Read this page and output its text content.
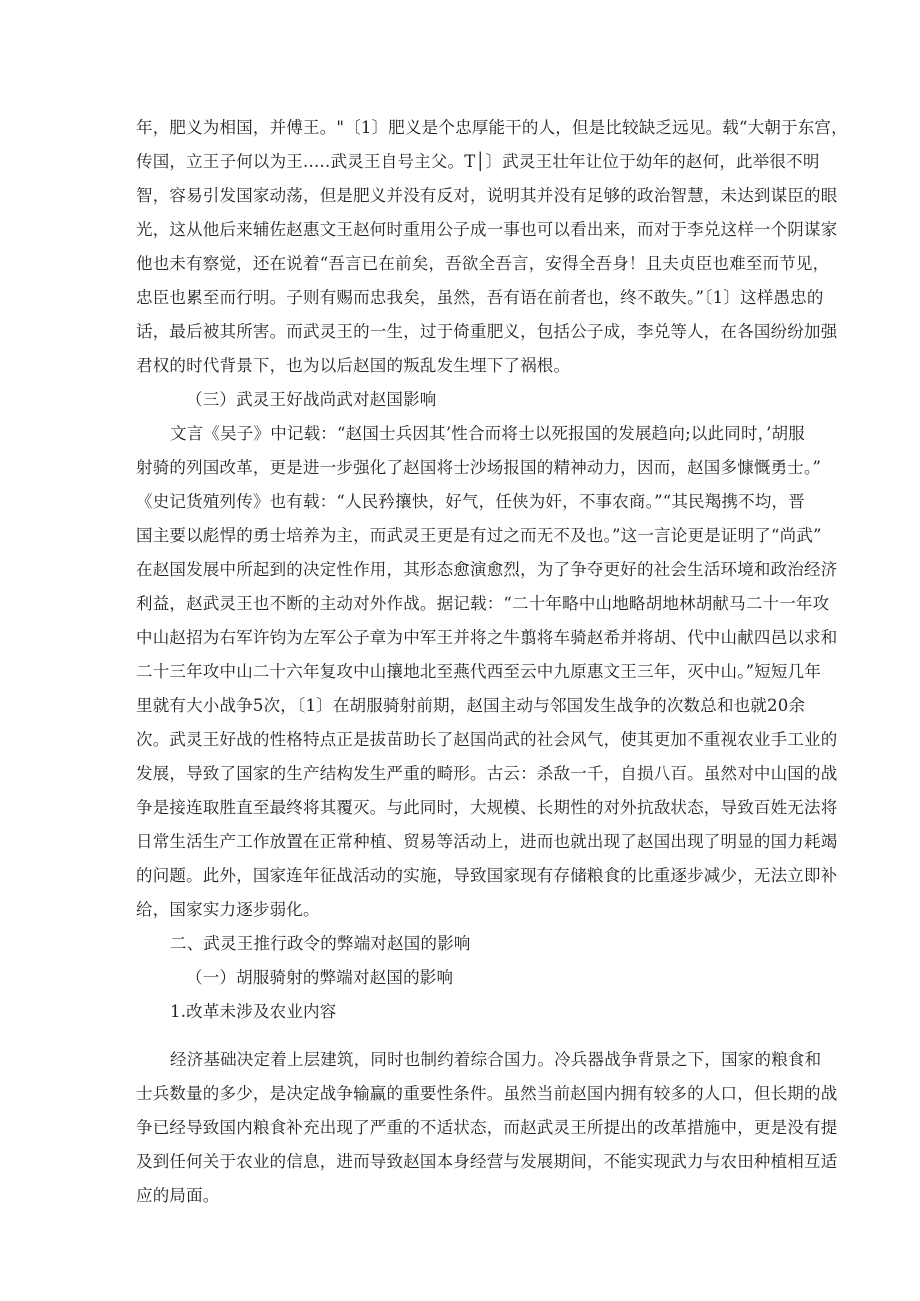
年，肥义为相国，并傅王。"〔1〕肥义是个忠厚能干的人，但是比较缺乏远见。载“大朝于东宫，
传国，立王子何以为王..…武灵王自号主父。T│〕武灵王壮年让位于幼年的赵何，此举很不明
智，容易引发国家动荡，但是肥义并没有反对，说明其并没有足够的政治智慧，未达到谋臣的眼
光，这从他后来辅佐赵惠文王赵何时重用公子成一事也可以看出来，而对于李兑这样一个阴谋家
他也未有察觉，还在说着“吾言已在前矣，吾欲全吾言，安得全吾身！且夫贞臣也难至而节见，
忠臣也累至而行明。子则有赐而忠我矣，虽然，吾有语在前者也，终不敢失。”〔1〕这样愚忠的
话，最后被其所害。而武灵王的一生，过于倚重肥义，包括公子成，李兑等人，在各国纷纷加强
君权的时代背景下，也为以后赵国的叛乱发生埋下了祸根。
（三）武灵王好战尚武对赵国影响
文言《吴子》中记载：“赵国士兵因其’性合而将士以死报国的发展趋向;以此同时，’胡服
射骑的列国改革，更是进一步强化了赵国将士沙场报国的精神动力，因而，赵国多慷慨勇士。”
《史记货殖列传》也有载：“人民矜攘快，好气，任侠为奸，不事农商。”“其民羯携不均，晋
国主要以彪悍的勇士培养为主，而武灵王更是有过之而无不及也。”这一言论更是证明了“尚武”
在赵国发展中所起到的决定性作用，其形态愈演愈烈，为了争夺更好的社会生活环境和政治经济
利益，赵武灵王也不断的主动对外作战。据记载：“二十年略中山地略胡地林胡献马二十一年攻
中山赵招为右军许钧为左军公子章为中军王并将之牛翦将车骑赵希并将胡、代中山献四邑以求和
二十三年攻中山二十六年复攻中山攘地北至燕代西至云中九原惠文王三年，灭中山。”短短几年
里就有大小战争5次，〔1〕在胡服骑射前期，赵国主动与邻国发生战争的次数总和也就20余
次。武灵王好战的性格特点正是拔苗助长了赵国尚武的社会风气，使其更加不重视农业手工业的
发展，导致了国家的生产结构发生严重的畸形。古云：杀敌一千，自损八百。虽然对中山国的战
争是接连取胜直至最终将其覆灭。与此同时，大规模、长期性的对外抗敌状态，导致百姓无法将
日常生活生产工作放置在正常种植、贸易等活动上，进而也就出现了赵国出现了明显的国力耗竭
的问题。此外，国家连年征战活动的实施，导致国家现有存储粮食的比重逐步减少，无法立即补
给，国家实力逐步弱化。
二、武灵王推行政令的弊端对赵国的影响
（一）胡服骑射的弊端对赵国的影响
1.改革未涉及农业内容
经济基础决定着上层建筑，同时也制约着综合国力。冷兵器战争背景之下，国家的粮食和
士兵数量的多少，是决定战争输赢的重要性条件。虽然当前赵国内拥有较多的人口，但长期的战
争已经导致国内粮食补充出现了严重的不适状态，而赵武灵王所提出的改革措施中，更是没有提
及到任何关于农业的信息，进而导致赵国本身经营与发展期间，不能实现武力与农田种植相互适
应的局面。
